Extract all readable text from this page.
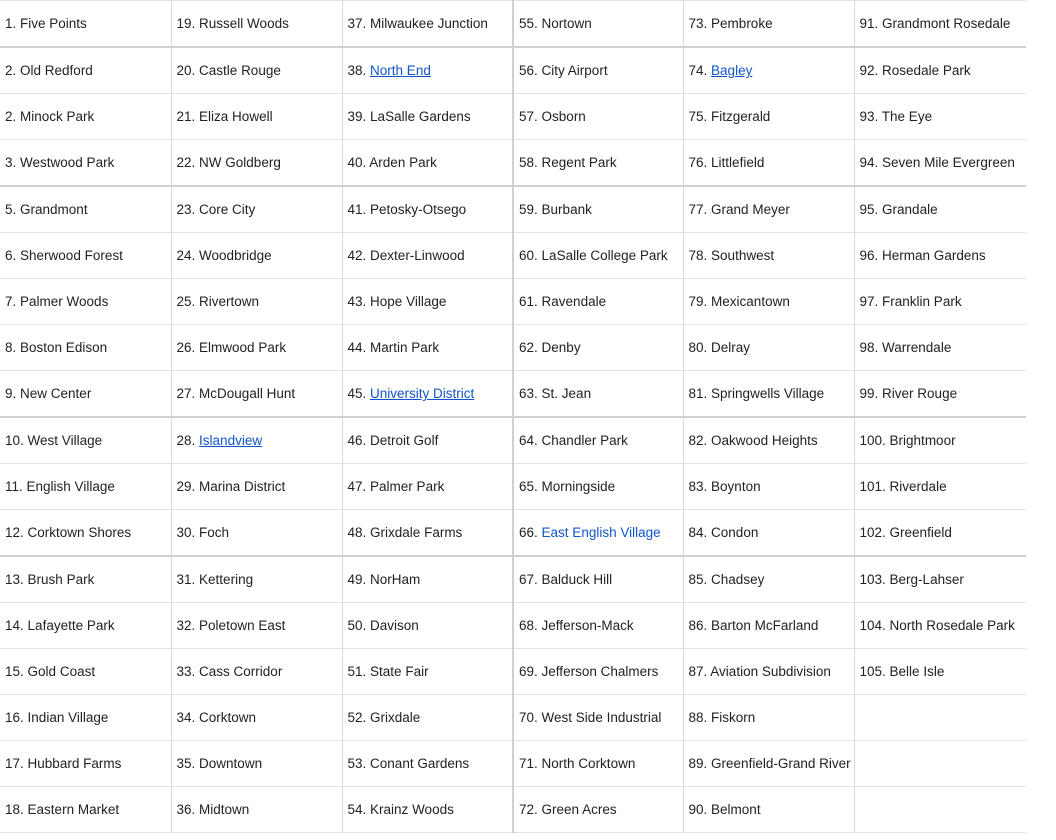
1. Five Points	19. Russell Woods	37. Milwaukee Junction	55. Nortown	73. Pembroke	91. Grandmont Rosedale
2. Old Redford	20. Castle Rouge	38. North End	56. City Airport	74. Bagley	92. Rosedale Park
2. Minock Park	21. Eliza Howell	39. LaSalle Gardens	57. Osborn	75. Fitzgerald	93. The Eye
3. Westwood Park	22. NW Goldberg	40. Arden Park	58. Regent Park	76. Littlefield	94. Seven Mile Evergreen
5. Grandmont	23. Core City	41. Petosky-Otsego	59. Burbank	77. Grand Meyer	95. Grandale
6. Sherwood Forest	24. Woodbridge	42. Dexter-Linwood	60. LaSalle College Park	78. Southwest	96. Herman Gardens
7. Palmer Woods	25. Rivertown	43. Hope Village	61. Ravendale	79. Mexicantown	97. Franklin Park
8. Boston Edison	26. Elmwood Park	44. Martin Park	62. Denby	80. Delray	98. Warrendale
9. New Center	27. McDougall Hunt	45. University District	63. St. Jean	81. Springwells Village	99. River Rouge
10. West Village	28. Islandview	46. Detroit Golf	64. Chandler Park	82. Oakwood Heights	100. Brightmoor
11. English Village	29. Marina District	47. Palmer Park	65. Morningside	83. Boynton	101. Riverdale
12. Corktown Shores	30. Foch	48. Grixdale Farms	66. East English Village	84. Condon	102. Greenfield
13. Brush Park	31. Kettering	49. NorHam	67. Balduck Hill	85. Chadsey	103. Berg-Lahser
14. Lafayette Park	32. Poletown East	50. Davison	68. Jefferson-Mack	86. Barton McFarland	104. North Rosedale Park
15. Gold Coast	33. Cass Corridor	51. State Fair	69. Jefferson Chalmers	87. Aviation Subdivision	105. Belle Isle
16. Indian Village	34. Corktown	52. Grixdale	70. West Side Industrial	88. Fiskorn	
17. Hubbard Farms	35. Downtown	53. Conant Gardens	71. North Corktown	89. Greenfield-Grand River	
18. Eastern Market	36. Midtown	54. Krainz Woods	72. Green Acres	90. Belmont	
